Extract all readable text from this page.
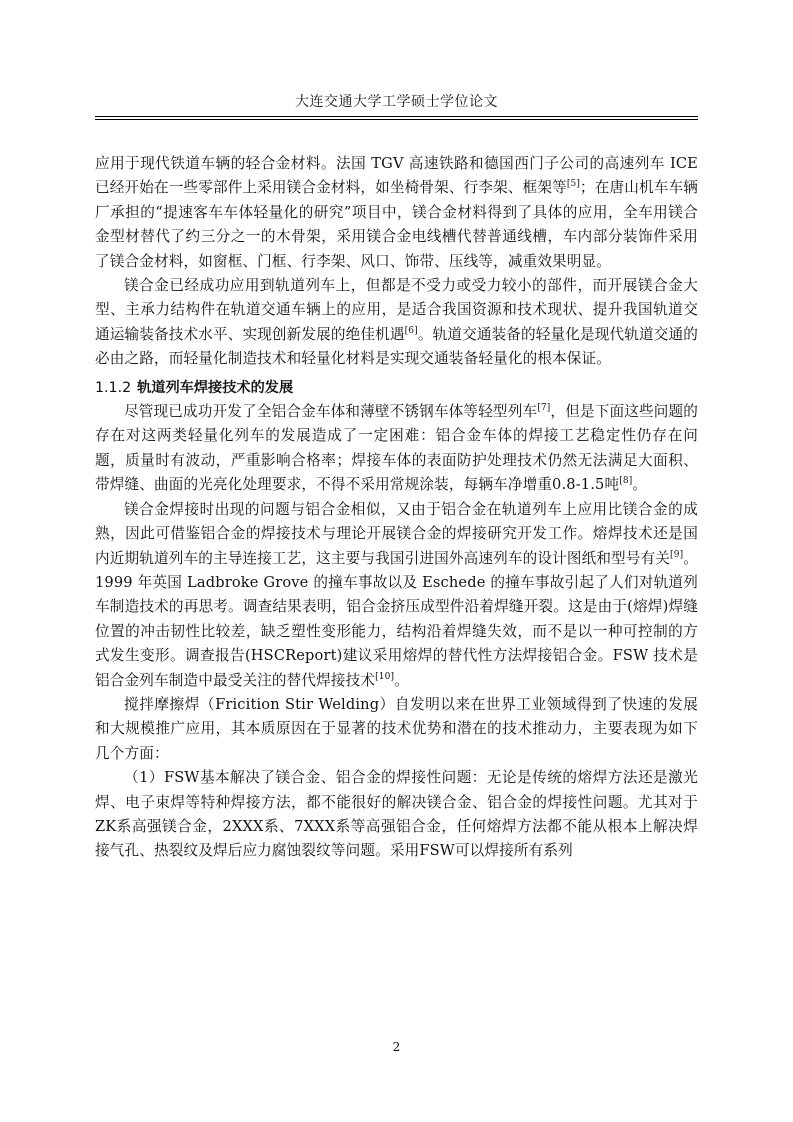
大连交通大学工学硕士学位论文

应用于现代铁道车辆的轻合金材料。法国 TGV 高速铁路和德国西门子公司的高速列车 ICE 已经开始在一些零部件上采用镁合金材料，如坐椅骨架、行李架、框架等[5]；在唐山机车车辆厂承担的“提速客车车体轻量化的研究”项目中，镁合金材料得到了具体的应用，全车用镁合金型材替代了约三分之一的木骨架，采用镁合金电线槽代替普通线槽，车内部分装饰件采用了镁合金材料，如窗框、门框、行李架、风口、饰带、压线等，减重效果明显。

镁合金已经成功应用到轨道列车上，但都是不受力或受力较小的部件，而开展镁合金大型、主承力结构件在轨道交通车辆上的应用，是适合我国资源和技术现状、提升我国轨道交通运输装备技术水平、实现创新发展的绝佳机遇[6]。轨道交通装备的轻量化是现代轨道交通的必由之路，而轻量化制造技术和轻量化材料是实现交通装备轻量化的根本保证。

1.1.2 轨道列车焊接技术的发展

尽管现已成功开发了全铝合金车体和薄壁不锈钢车体等轻型列车[7]，但是下面这些问题的存在对这两类轻量化列车的发展造成了一定困难：铝合金车体的焊接工艺稳定性仍存在问题，质量时有波动，严重影响合格率；焊接车体的表面防护处理技术仍然无法满足大面积、带焊缝、曲面的光亮化处理要求，不得不采用常规涂装，每辆车净增重0.8-1.5吨[8]。

镁合金焊接时出现的问题与铝合金相似，又由于铝合金在轨道列车上应用比镁合金的成熟，因此可借鉴铝合金的焊接技术与理论开展镁合金的焊接研究开发工作。熔焊技术还是国内近期轨道列车的主导连接工艺，这主要与我国引进国外高速列车的设计图纸和型号有关[9]。1999 年英国 Ladbroke Grove 的撞车事故以及 Eschede 的撞车事故引起了人们对轨道列车制造技术的再思考。调查结果表明，铝合金挤压成型件沿着焊缝开裂。这是由于(熔焊)焊缝位置的冲击韧性比较差，缺乏塑性变形能力，结构沿着焊缝失效，而不是以一种可控制的方式发生变形。调查报告(HSCReport)建议采用熔焊的替代性方法焊接铝合金。FSW 技术是铝合金列车制造中最受关注的替代焊接技术[10]。

搅拌摩擦焊（Fricition Stir Welding）自发明以来在世界工业领域得到了快速的发展和大规模推广应用，其本质原因在于显著的技术优势和潜在的技术推动力，主要表现为如下几个方面：

（1）FSW基本解决了镁合金、铝合金的焊接性问题：无论是传统的熔焊方法还是激光焊、电子束焊等特种焊接方法，都不能很好的解决镁合金、铝合金的焊接性问题。尤其对于ZK系高强镁合金，2XXX系、7XXX系等高强铝合金，任何熔焊方法都不能从根本上解决焊接气孔、热裂纹及焊后应力腐蚀裂纹等问题。采用FSW可以焊接所有系列

2
